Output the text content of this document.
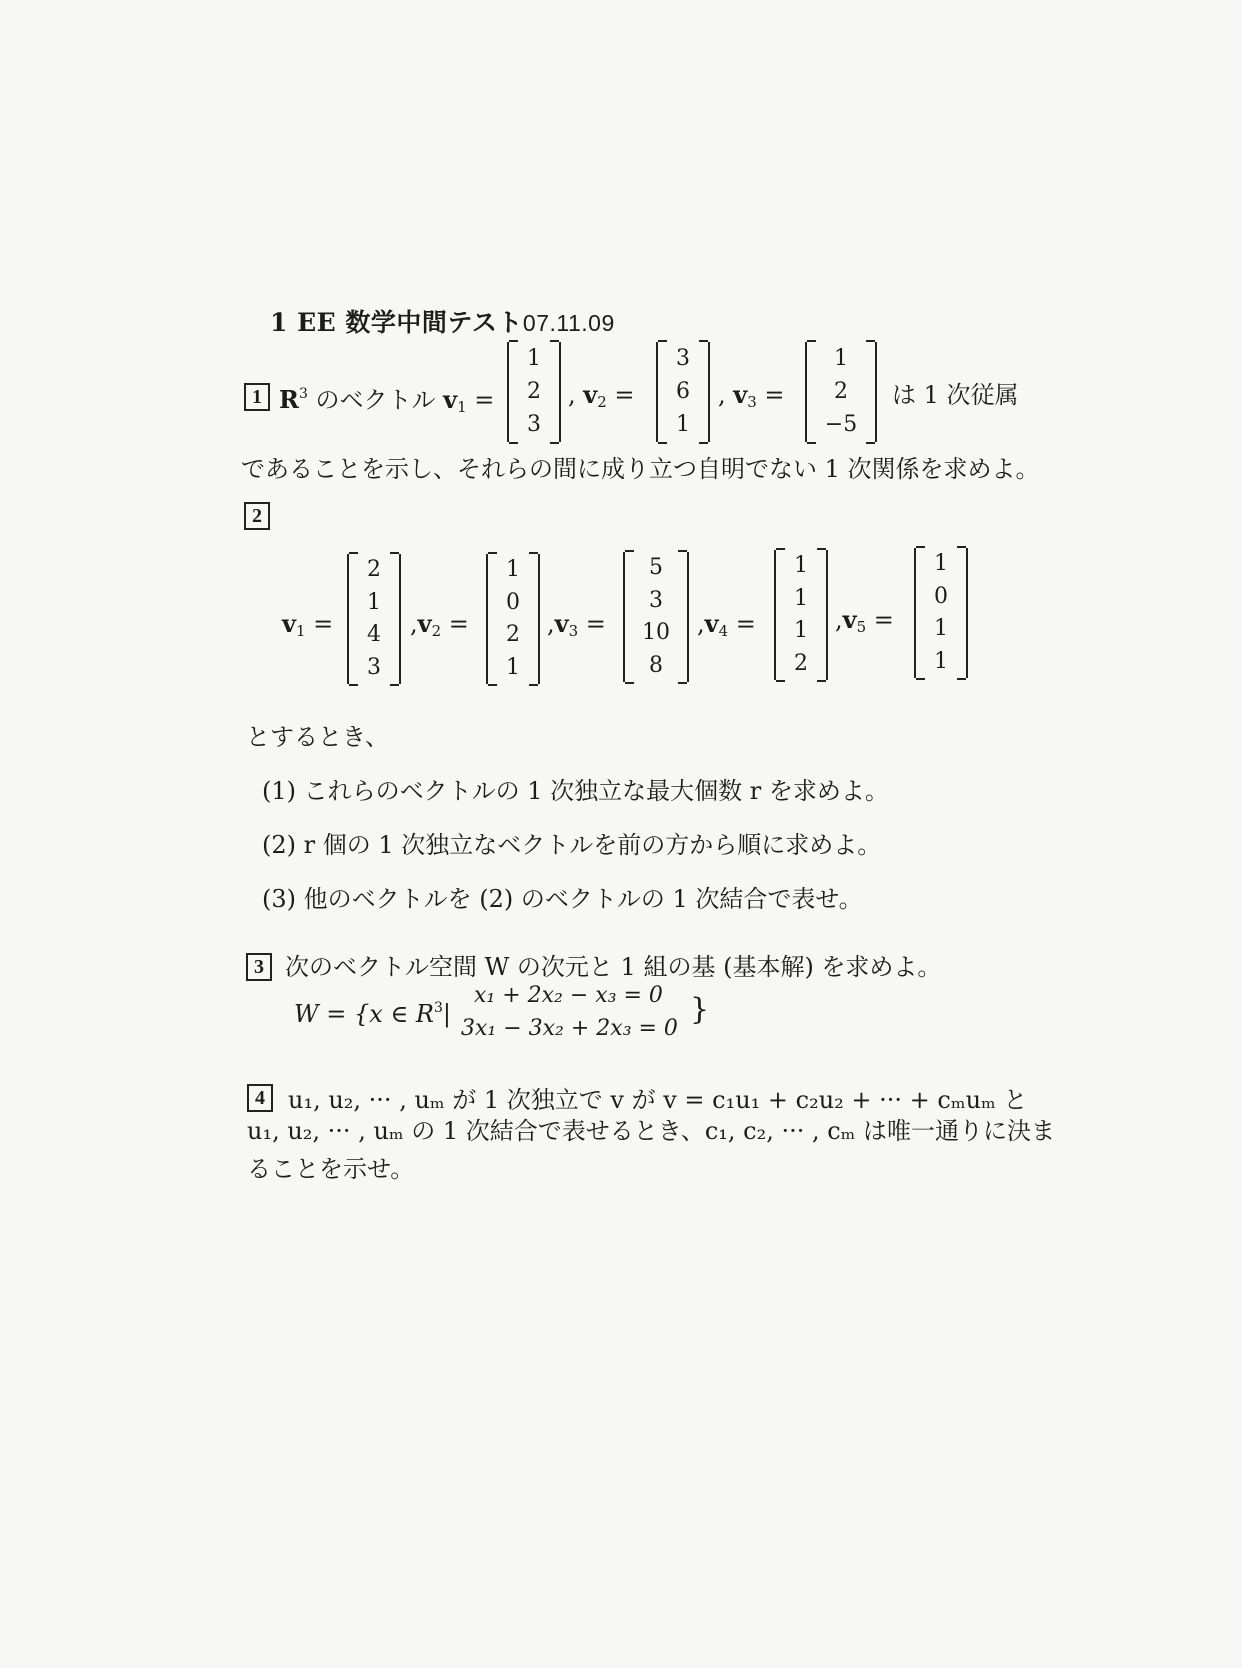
1 EE 数学中間テスト07.11.09
1 $R^3$ のベクトル $v_1$ =
1
2
3
, $v_2$ =
3
6
1
, $v_3$ =
1
2
−5
は 1 次従属
であることを示し、それらの間に成り立つ自明でない 1 次関係を求めよ。
2
$v_1$ =
2
1
4
3
$,v_2$ =
1
0
2
1
$,v_3$ =
5
3
10
8
$,v_4$ =
1
1
1
2
$,v_5$ =
1
0
1
1
とするとき、
(1) これらのベクトルの 1 次独立な最大個数 r を求めよ。
(2) r 個の 1 次独立なベクトルを前の方から順に求めよ。
(3) 他のベクトルを (2) のベクトルの 1 次結合で表せ。
3 次のベクトル空間 W の次元と 1 組の基 (基本解) を求めよ。
W = {x ∈ $R^3|$
x₁ + 2x₂ − x₃ = 0
3x₁ − 3x₂ + 2x₃ = 0
}
4 u₁, u₂, ··· , uₘ が 1 次独立で v が v = c₁u₁ + c₂u₂ + ··· + cₘuₘ と
u₁, u₂, ··· , uₘ の 1 次結合で表せるとき、c₁, c₂, ··· , cₘ は唯一通りに決ま
ることを示せ。
